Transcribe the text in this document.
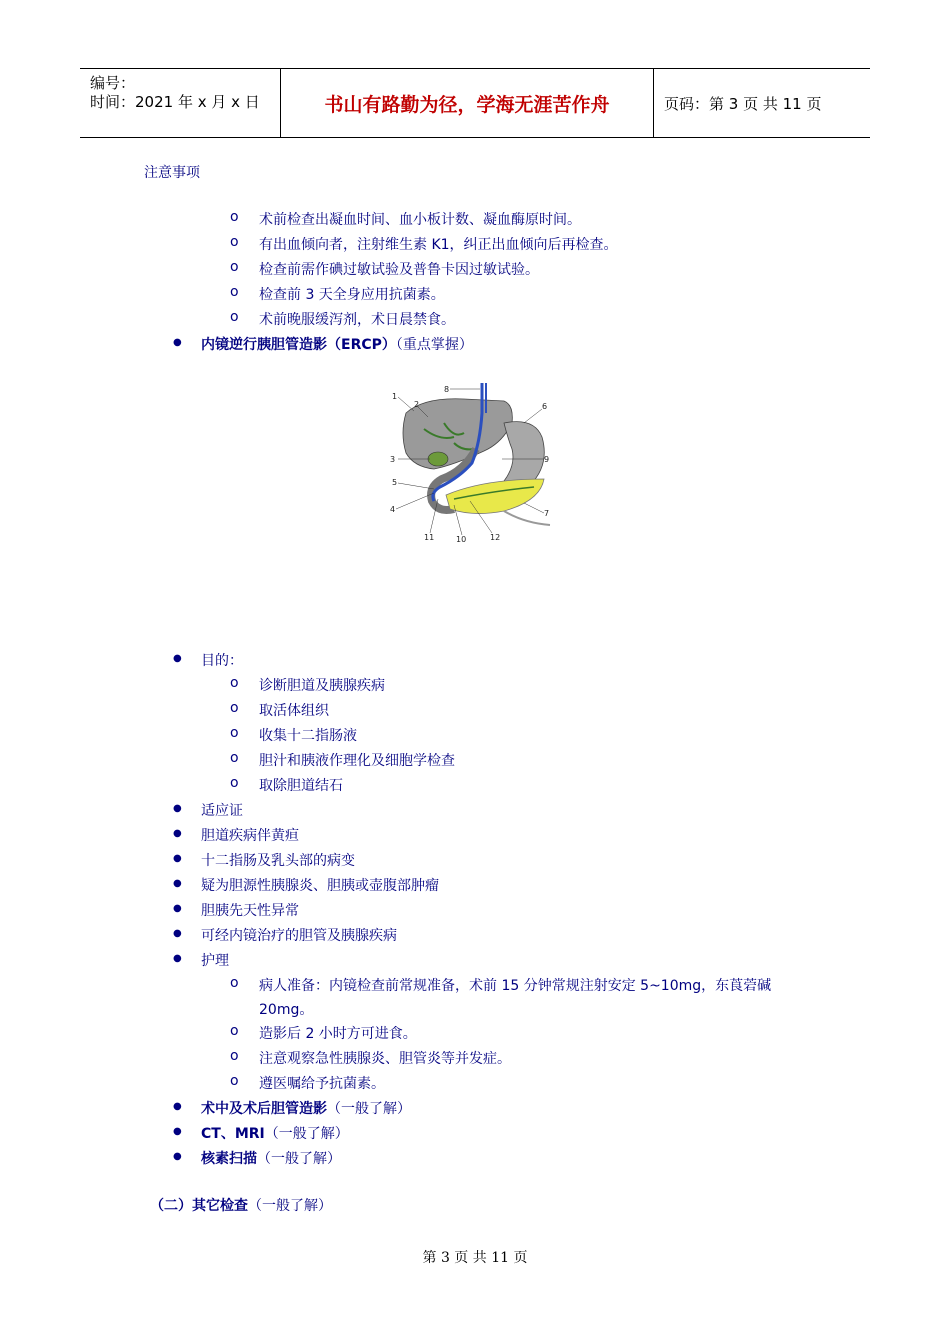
编号：
时间：2021 年 x 月 x 日	书山有路勤为径，学海无涯苦作舟	页码：第 3 页 共 11 页
注意事项
o 术前检查出凝血时间、血小板计数、凝血酶原时间。
o 有出血倾向者，注射维生素 K1，纠正出血倾向后再检查。
o 检查前需作碘过敏试验及普鲁卡因过敏试验。
o 检查前 3 天全身应用抗菌素。
o 术前晚服缓泻剂，术日晨禁食。
● 内镜逆行胰胆管造影（ERCP）（重点掌握）
1
2
3
4
5
6
7
8
9
10
11	12
● 目的：
o 诊断胆道及胰腺疾病
o 取活体组织
o 收集十二指肠液
o 胆汁和胰液作理化及细胞学检查
o 取除胆道结石
● 适应证
● 胆道疾病伴黄疸
● 十二指肠及乳头部的病变
● 疑为胆源性胰腺炎、胆胰或壶腹部肿瘤
● 胆胰先天性异常
● 可经内镜治疗的胆管及胰腺疾病
● 护理
o 病人准备：内镜检查前常规准备，术前 15 分钟常规注射安定 5~10mg，东莨菪碱
20mg。
o 造影后 2 小时方可进食。
o 注意观察急性胰腺炎、胆管炎等并发症。
o 遵医嘱给予抗菌素。
● 术中及术后胆管造影（一般了解）
● CT、MRI（一般了解）
● 核素扫描（一般了解）
（二）其它检查（一般了解）
第 3 页 共 11 页
